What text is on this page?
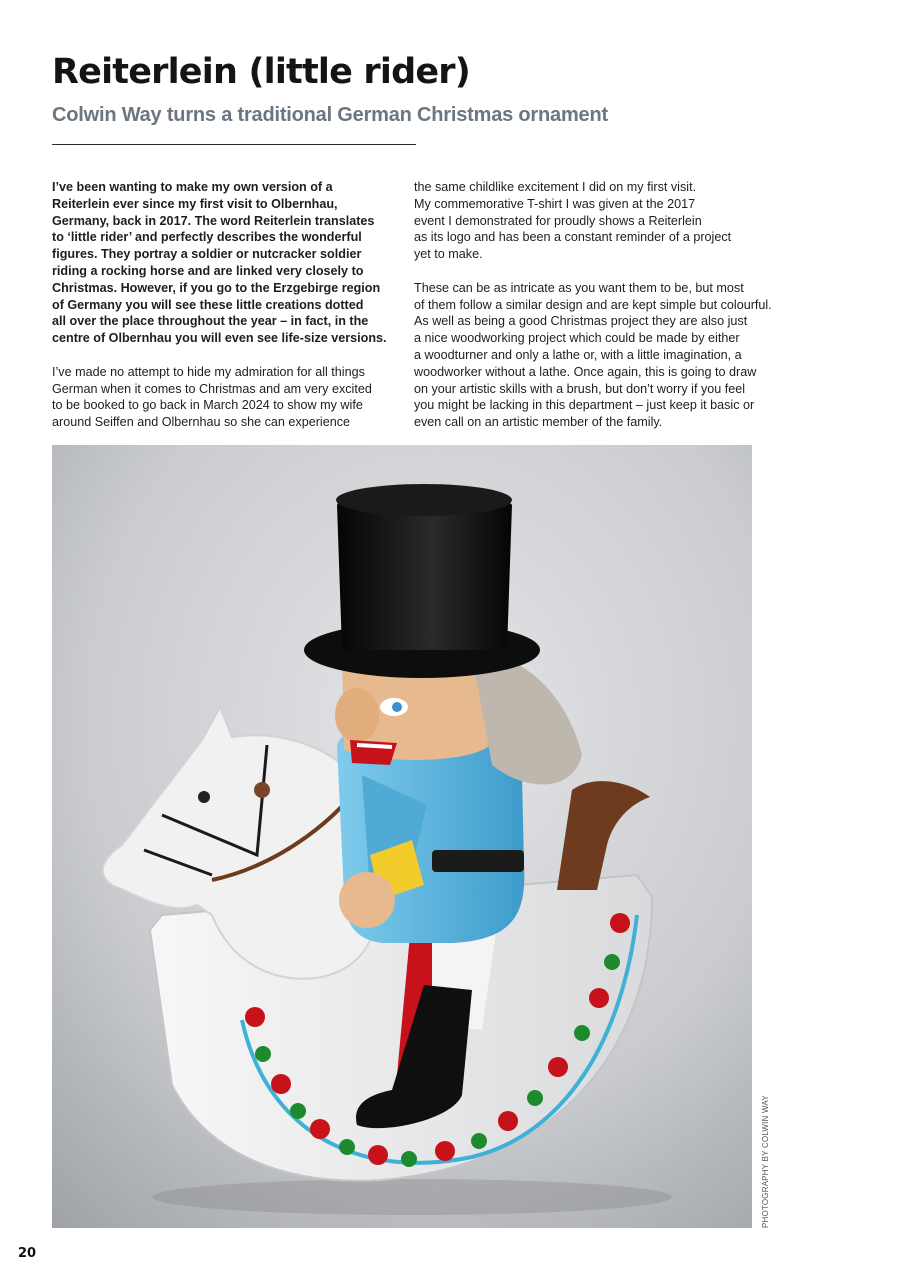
Reiterlein (little rider)
Colwin Way turns a traditional German Christmas ornament

I’ve been wanting to make my own version of a
Reiterlein ever since my first visit to Olbernhau,
Germany, back in 2017. The word Reiterlein translates
to ‘little rider’ and perfectly describes the wonderful
figures. They portray a soldier or nutcracker soldier
riding a rocking horse and are linked very closely to
Christmas. However, if you go to the Erzgebirge region
of Germany you will see these little creations dotted
all over the place throughout the year – in fact, in the
centre of Olbernhau you will even see life-size versions.

I’ve made no attempt to hide my admiration for all things
German when it comes to Christmas and am very excited
to be booked to go back in March 2024 to show my wife
around Seiffen and Olbernhau so she can experience

the same childlike excitement I did on my first visit.
My commemorative T-shirt I was given at the 2017
event I demonstrated for proudly shows a Reiterlein
as its logo and has been a constant reminder of a project
yet to make.

These can be as intricate as you want them to be, but most
of them follow a similar design and are kept simple but colourful.
As well as being a good Christmas project they are also just
a nice woodworking project which could be made by either
a woodturner and only a lathe or, with a little imagination, a
woodworker without a lathe. Once again, this is going to draw
on your artistic skills with a brush, but don’t worry if you feel
you might be lacking in this department – just keep it basic or
even call on an artistic member of the family.

PHOTOGRAPHY BY COLWIN WAY
20
